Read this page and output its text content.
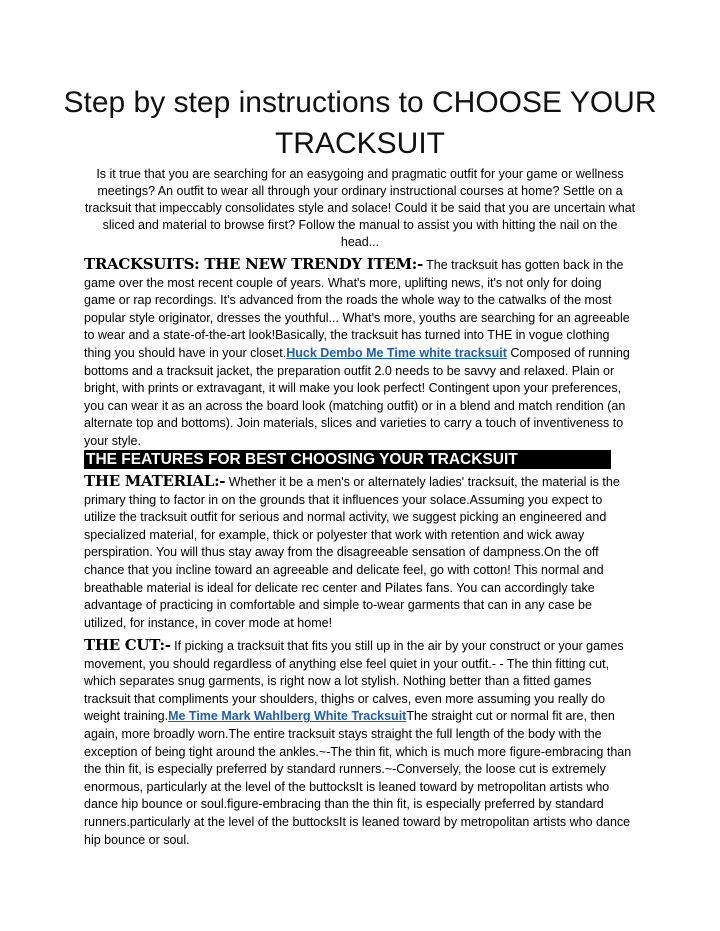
Step by step instructions to CHOOSE YOUR TRACKSUIT

Is it true that you are searching for an easygoing and pragmatic outfit for your game or wellness meetings? An outfit to wear all through your ordinary instructional courses at home? Settle on a tracksuit that impeccably consolidates style and solace! Could it be said that you are uncertain what sliced and material to browse first? Follow the manual to assist you with hitting the nail on the head...

TRACKSUITS: THE NEW TRENDY ITEM:- The tracksuit has gotten back in the game over the most recent couple of years. What's more, uplifting news, it's not only for doing game or rap recordings. It's advanced from the roads the whole way to the catwalks of the most popular style originator, dresses the youthful... What's more, youths are searching for an agreeable to wear and a state-of-the-art look!Basically, the tracksuit has turned into THE in vogue clothing thing you should have in your closet.Huck Dembo Me Time white tracksuit Composed of running bottoms and a tracksuit jacket, the preparation outfit 2.0 needs to be savvy and relaxed. Plain or bright, with prints or extravagant, it will make you look perfect! Contingent upon your preferences, you can wear it as an across the board look (matching outfit) or in a blend and match rendition (an alternate top and bottoms). Join materials, slices and varieties to carry a touch of inventiveness to your style.

THE FEATURES FOR BEST CHOOSING YOUR TRACKSUIT

THE MATERIAL:- Whether it be a men's or alternately ladies' tracksuit, the material is the primary thing to factor in on the grounds that it influences your solace.Assuming you expect to utilize the tracksuit outfit for serious and normal activity, we suggest picking an engineered and specialized material, for example, thick or polyester that work with retention and wick away perspiration. You will thus stay away from the disagreeable sensation of dampness.On the off chance that you incline toward an agreeable and delicate feel, go with cotton! This normal and breathable material is ideal for delicate rec center and Pilates fans. You can accordingly take advantage of practicing in comfortable and simple to-wear garments that can in any case be utilized, for instance, in cover mode at home!

THE CUT:- If picking a tracksuit that fits you still up in the air by your construct or your games movement, you should regardless of anything else feel quiet in your outfit.- - The thin fitting cut, which separates snug garments, is right now a lot stylish. Nothing better than a fitted games tracksuit that compliments your shoulders, thighs or calves, even more assuming you really do weight training.Me Time Mark Wahlberg White TracksuitThe straight cut or normal fit are, then again, more broadly worn.The entire tracksuit stays straight the full length of the body with the exception of being tight around the ankles.~-The thin fit, which is much more figure-embracing than the thin fit, is especially preferred by standard runners.~-Conversely, the loose cut is extremely enormous, particularly at the level of the buttocksIt is leaned toward by metropolitan artists who dance hip bounce or soul.figure-embracing than the thin fit, is especially preferred by standard runners.particularly at the level of the buttocksIt is leaned toward by metropolitan artists who dance hip bounce or soul.
